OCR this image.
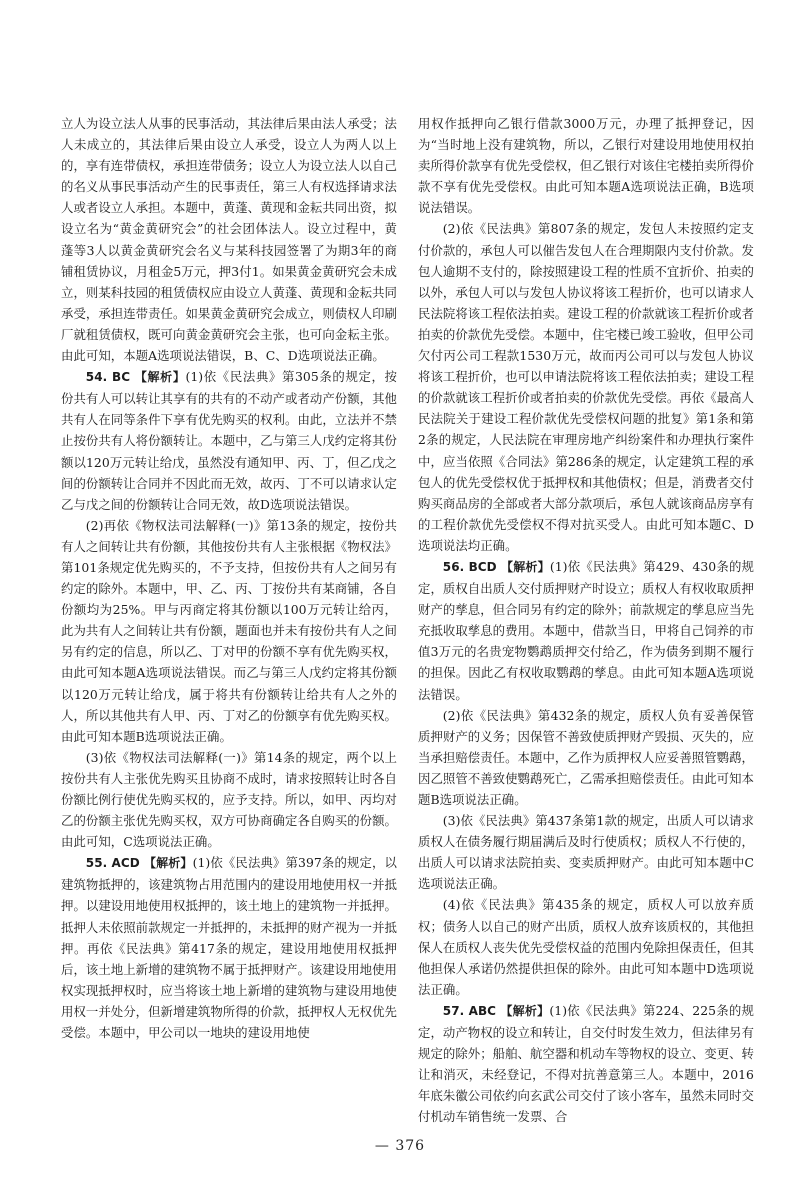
立人为设立法人从事的民事活动，其法律后果由法人承受；法人未成立的，其法律后果由设立人承受，设立人为两人以上的，享有连带债权，承担连带债务；设立人为设立法人以自己的名义从事民事活动产生的民事责任，第三人有权选择请求法人或者设立人承担。本题中，黄蓬、黄现和金耘共同出资，拟设立名为“黄金黄研究会”的社会团体法人。设立过程中，黄蓬等3人以黄金黄研究会名义与某科技园签署了为期3年的商铺租赁协议，月租金5万元，押3付1。如果黄金黄研究会未成立，则某科技园的租赁债权应由设立人黄蓬、黄现和金耘共同承受，承担连带责任。如果黄金黄研究会成立，则债权人印刷厂就租赁债权，既可向黄金黄研究会主张，也可向金耘主张。由此可知，本题A选项说法错误，B、C、D选项说法正确。

54. BC 【解析】(1)依《民法典》第305条的规定，按份共有人可以转让其享有的共有的不动产或者动产份额，其他共有人在同等条件下享有优先购买的权利。由此，立法并不禁止按份共有人将份额转让。本题中，乙与第三人戊约定将其份额以120万元转让给戊，虽然没有通知甲、丙、丁，但乙戊之间的份额转让合同并不因此而无效，故丙、丁不可以请求认定乙与戊之间的份额转让合同无效，故D选项说法错误。

(2)再依《物权法司法解释(一)》第13条的规定，按份共有人之间转让共有份额，其他按份共有人主张根据《物权法》第101条规定优先购买的，不予支持，但按份共有人之间另有约定的除外。本题中，甲、乙、丙、丁按份共有某商铺，各自份额均为25%。甲与丙商定将其份额以100万元转让给丙，此为共有人之间转让共有份额，题面也并未有按份共有人之间另有约定的信息，所以乙、丁对甲的份额不享有优先购买权，由此可知本题A选项说法错误。而乙与第三人戊约定将其份额以120万元转让给戊，属于将共有份额转让给共有人之外的人，所以其他共有人甲、丙、丁对乙的份额享有优先购买权。由此可知本题B选项说法正确。

(3)依《物权法司法解释(一)》第14条的规定，两个以上按份共有人主张优先购买且协商不成时，请求按照转让时各自份额比例行使优先购买权的，应予支持。所以，如甲、丙均对乙的份额主张优先购买权，双方可协商确定各自购买的份额。由此可知，C选项说法正确。

55. ACD 【解析】(1)依《民法典》第397条的规定，以建筑物抵押的，该建筑物占用范围内的建设用地使用权一并抵押。以建设用地使用权抵押的，该土地上的建筑物一并抵押。抵押人未依照前款规定一并抵押的，未抵押的财产视为一并抵押。再依《民法典》第417条的规定，建设用地使用权抵押后，该土地上新增的建筑物不属于抵押财产。该建设用地使用权实现抵押权时，应当将该土地上新增的建筑物与建设用地使用权一并处分，但新增建筑物所得的价款，抵押权人无权优先受偿。本题中，甲公司以一地块的建设用地使

用权作抵押向乙银行借款3000万元，办理了抵押登记，因为“当时地上没有建筑物，所以，乙银行对建设用地使用权拍卖所得价款享有优先受偿权，但乙银行对该住宅楼拍卖所得价款不享有优先受偿权。由此可知本题A选项说法正确，B选项说法错误。

(2)依《民法典》第807条的规定，发包人未按照约定支付价款的，承包人可以催告发包人在合理期限内支付价款。发包人逾期不支付的，除按照建设工程的性质不宜折价、拍卖的以外，承包人可以与发包人协议将该工程折价，也可以请求人民法院将该工程依法拍卖。建设工程的价款就该工程折价或者拍卖的价款优先受偿。本题中，住宅楼已竣工验收，但甲公司欠付丙公司工程款1530万元，故而丙公司可以与发包人协议将该工程折价，也可以申请法院将该工程依法拍卖；建设工程的价款就该工程折价或者拍卖的价款优先受偿。再依《最高人民法院关于建设工程价款优先受偿权问题的批复》第1条和第2条的规定，人民法院在审理房地产纠纷案件和办理执行案件中，应当依照《合同法》第286条的规定，认定建筑工程的承包人的优先受偿权优于抵押权和其他债权；但是，消费者交付购买商品房的全部或者大部分款项后，承包人就该商品房享有的工程价款优先受偿权不得对抗买受人。由此可知本题C、D选项说法均正确。

56. BCD 【解析】(1)依《民法典》第429、430条的规定，质权自出质人交付质押财产时设立；质权人有权收取质押财产的孳息，但合同另有约定的除外；前款规定的孳息应当先充抵收取孳息的费用。本题中，借款当日，甲将自己饲养的市值3万元的名贵宠物鹦鹉质押交付给乙，作为债务到期不履行的担保。因此乙有权收取鹦鹉的孳息。由此可知本题A选项说法错误。

(2)依《民法典》第432条的规定，质权人负有妥善保管质押财产的义务；因保管不善致使质押财产毁损、灭失的，应当承担赔偿责任。本题中，乙作为质押权人应妥善照管鹦鹉，因乙照管不善致使鹦鹉死亡，乙需承担赔偿责任。由此可知本题B选项说法正确。

(3)依《民法典》第437条第1款的规定，出质人可以请求质权人在债务履行期届满后及时行使质权；质权人不行使的，出质人可以请求法院拍卖、变卖质押财产。由此可知本题中C选项说法正确。

(4)依《民法典》第435条的规定，质权人可以放弃质权；债务人以自己的财产出质，质权人放弃该质权的，其他担保人在质权人丧失优先受偿权益的范围内免除担保责任，但其他担保人承诺仍然提供担保的除外。由此可知本题中D选项说法正确。

57. ABC 【解析】(1)依《民法典》第224、225条的规定，动产物权的设立和转让，自交付时发生效力，但法律另有规定的除外；船舶、航空器和机动车等物权的设立、变更、转让和消灭，未经登记，不得对抗善意第三人。本题中，2016年底朱徽公司依约向玄武公司交付了该小客车，虽然未同时交付机动车销售统一发票、合

— 376
